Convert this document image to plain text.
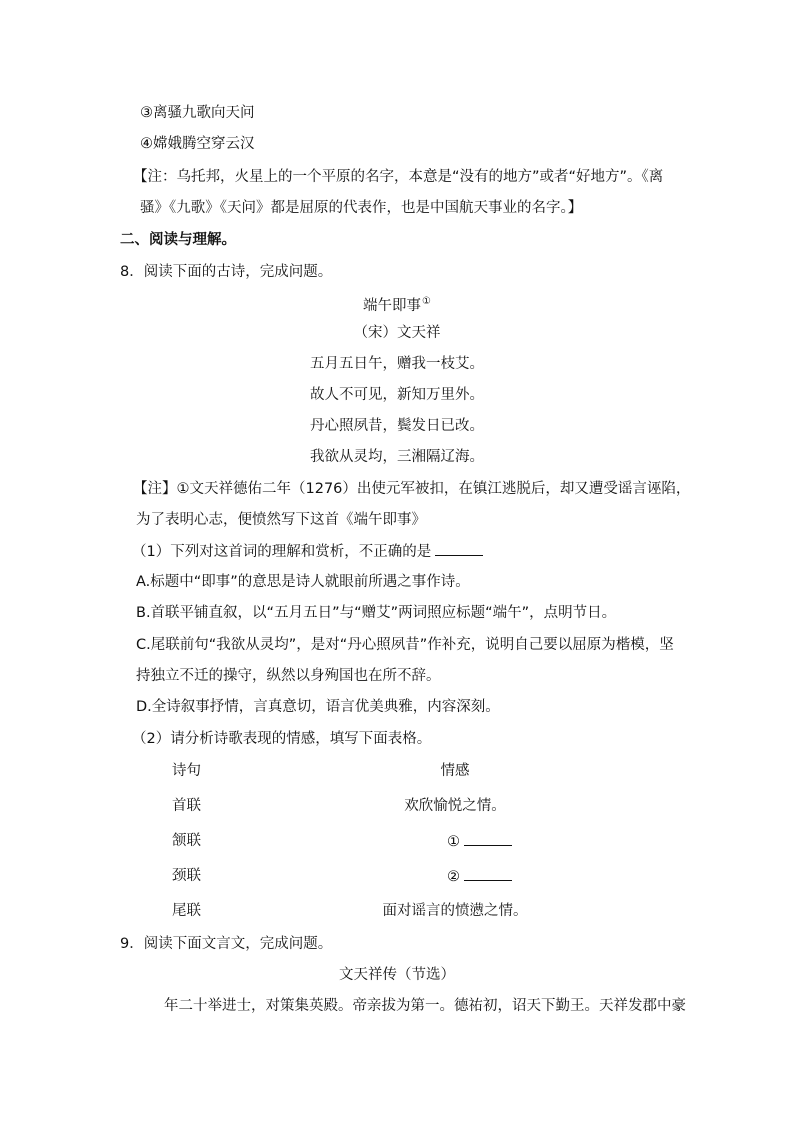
③离骚九歌向天问
④嫦娥腾空穿云汉
【注：乌托邦，火星上的一个平原的名字，本意是“没有的地方”或者“好地方”。《离
骚》《九歌》《天问》都是屈原的代表作，也是中国航天事业的名字。】
二、阅读与理解。
8．阅读下面的古诗，完成问题。
端午即事①
（宋）文天祥
五月五日午，赠我一枝艾。
故人不可见，新知万里外。
丹心照夙昔，鬓发日已改。
我欲从灵均，三湘隔辽海。
【注】①文天祥德佑二年（1276）出使元军被扣，在镇江逃脱后，却又遭受谣言诬陷，
为了表明心志，便愤然写下这首《端午即事》
（1）下列对这首词的理解和赏析，不正确的是
A.标题中“即事”的意思是诗人就眼前所遇之事作诗。
B.首联平铺直叙，以“五月五日”与“赠艾”两词照应标题“端午”，点明节日。
C.尾联前句“我欲从灵均”，是对“丹心照夙昔”作补充，说明自己要以屈原为楷模，坚
持独立不迁的操守，纵然以身殉国也在所不辞。
D.全诗叙事抒情，言真意切，语言优美典雅，内容深刻。
（2）请分析诗歌表现的情感，填写下面表格。
诗句	情感
首联	欢欣愉悦之情。
颔联	①
颈联	②
尾联	面对谣言的愤懑之情。
9．阅读下面文言文，完成问题。
文天祥传（节选）
年二十举进士，对策集英殿。帝亲拔为第一。德祐初，诏天下勤王。天祥发郡中豪
